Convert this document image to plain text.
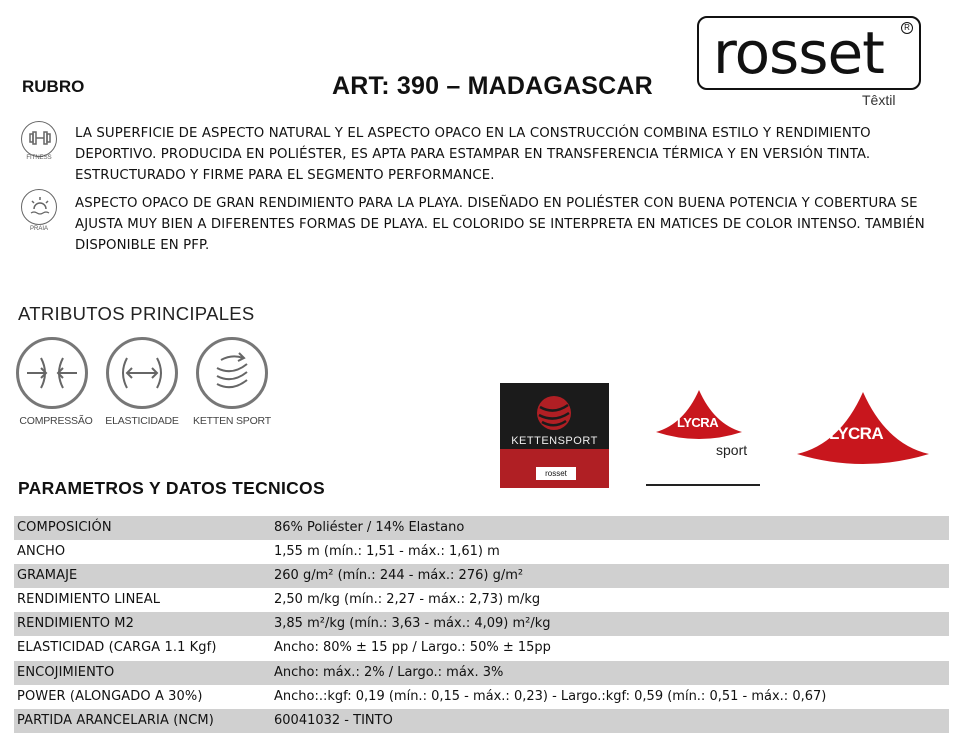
RUBRO	ART: 390 – MADAGASCAR rosset	R
Têxtil
FITNESS
LA SUPERFICIE DE ASPECTO NATURAL Y EL ASPECTO OPACO EN LA CONSTRUCCIÓN COMBINA ESTILO Y RENDIMIENTO
DEPORTIVO. PRODUCIDA EN POLIÉSTER, ES APTA PARA ESTAMPAR EN TRANSFERENCIA TÉRMICA Y EN VERSIÓN TINTA.
ESTRUCTURADO Y FIRME PARA EL SEGMENTO PERFORMANCE.
PRAIA
ASPECTO OPACO DE GRAN RENDIMIENTO PARA LA PLAYA. DISEÑADO EN POLIÉSTER CON BUENA POTENCIA Y COBERTURA SE
AJUSTA MUY BIEN A DIFERENTES FORMAS DE PLAYA. EL COLORIDO SE INTERPRETA EN MATICES DE COLOR INTENSO. TAMBIÉN
DISPONIBLE EN PFP.
ATRIBUTOS PRINCIPALES
COMPRESSÃO	ELASTICIDADE	KETTEN SPORT
KETTENSPORT
rosset
LYCRA
sport
LYCRA
PARAMETROS Y DATOS TECNICOS
COMPOSICIÓN	86% Poliéster / 14% Elastano
ANCHO	1,55 m (mín.: 1,51 - máx.: 1,61) m
GRAMAJE	260 g/m² (mín.: 244 - máx.: 276) g/m²
RENDIMIENTO LINEAL	2,50 m/kg (mín.: 2,27 - máx.: 2,73) m/kg
RENDIMIENTO M2	3,85 m²/kg (mín.: 3,63 - máx.: 4,09) m²/kg
ELASTICIDAD (CARGA 1.1 Kgf)	Ancho: 80% ± 15 pp / Largo.: 50% ± 15pp
ENCOJIMIENTO	Ancho: máx.: 2% / Largo.: máx. 3%
POWER (ALONGADO A 30%)	Ancho:.:kgf: 0,19 (mín.: 0,15 - máx.: 0,23) - Largo.:kgf: 0,59 (mín.: 0,51 - máx.: 0,67)
PARTIDA ARANCELARIA (NCM)	60041032 - TINTO
